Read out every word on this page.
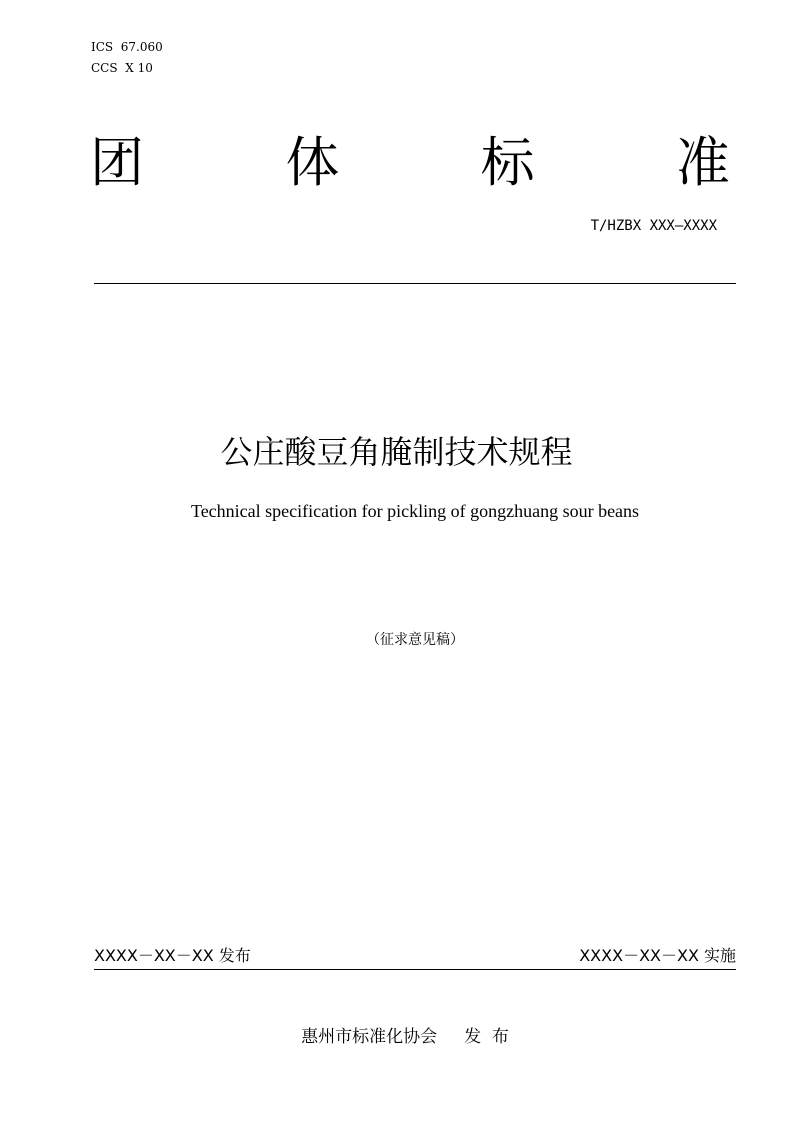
ICS  67.060
CCS  X 10
团	体	标	准
T/HZBX XXX—XXXX
公庄酸豆角腌制技术规程
Technical specification for pickling of gongzhuang sour beans
（征求意见稿）
XXXX－XX－XX 发布	XXXX－XX－XX 实施
惠州市标准化协会     发  布
